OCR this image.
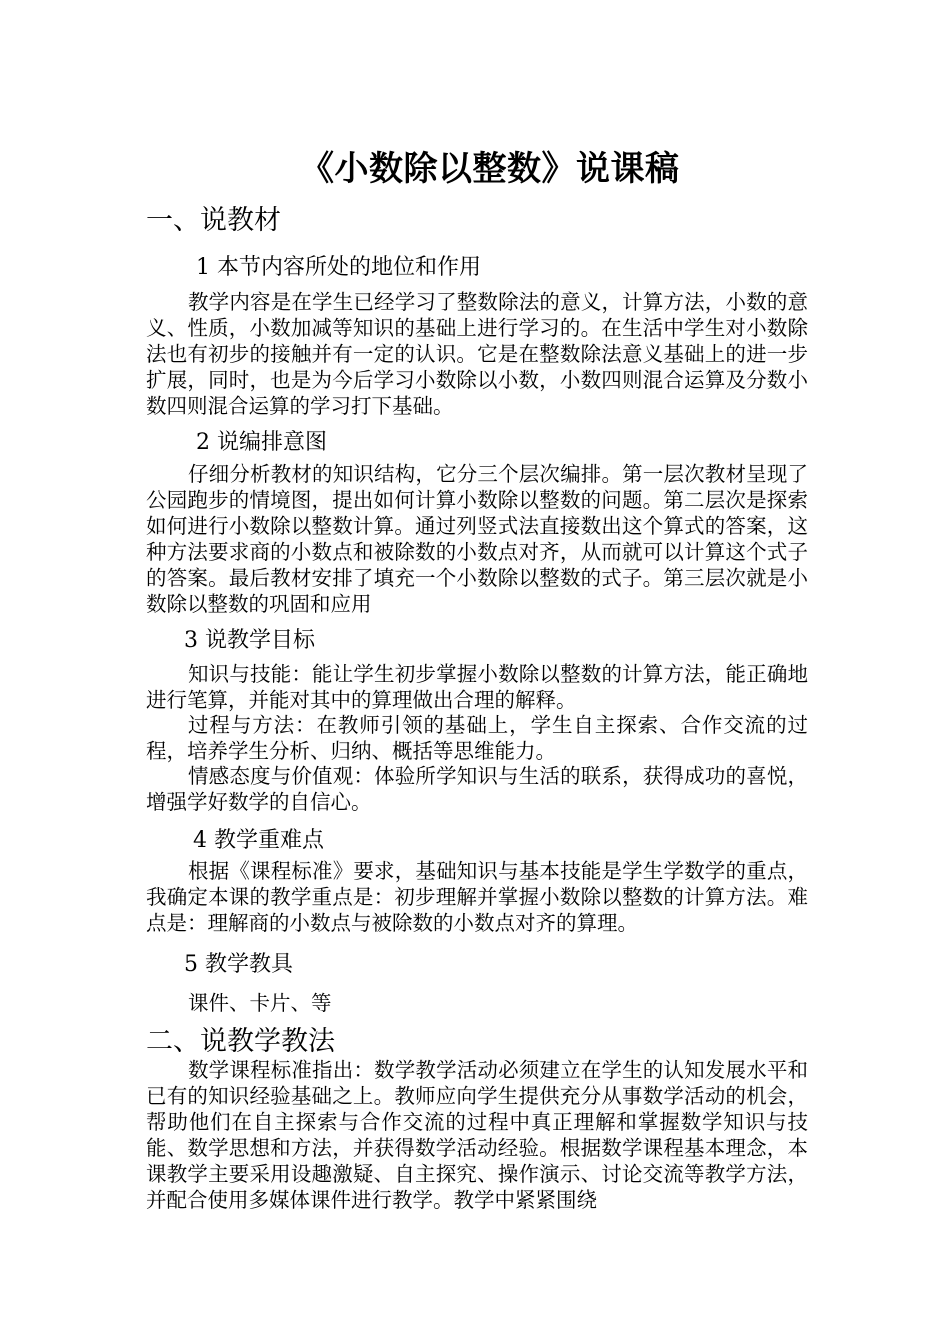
《小数除以整数》说课稿
一、说教材
1 本节内容所处的地位和作用
教学内容是在学生已经学习了整数除法的意义，计算方法，小数的意义、性质，小数加减等知识的基础上进行学习的。在生活中学生对小数除法也有初步的接触并有一定的认识。它是在整数除法意义基础上的进一步扩展，同时，也是为今后学习小数除以小数，小数四则混合运算及分数小数四则混合运算的学习打下基础。
2 说编排意图
仔细分析教材的知识结构，它分三个层次编排。第一层次教材呈现了公园跑步的情境图，提出如何计算小数除以整数的问题。第二层次是探索如何进行小数除以整数计算。通过列竖式法直接数出这个算式的答案，这种方法要求商的小数点和被除数的小数点对齐，从而就可以计算这个式子的答案。最后教材安排了填充一个小数除以整数的式子。第三层次就是小数除以整数的巩固和应用
3 说教学目标
知识与技能：能让学生初步掌握小数除以整数的计算方法，能正确地进行笔算，并能对其中的算理做出合理的解释。
过程与方法：在教师引领的基础上，学生自主探索、合作交流的过程，培养学生分析、归纳、概括等思维能力。
情感态度与价值观：体验所学知识与生活的联系，获得成功的喜悦，增强学好数学的自信心。
4 教学重难点
根据《课程标准》要求，基础知识与基本技能是学生学数学的重点，我确定本课的教学重点是：初步理解并掌握小数除以整数的计算方法。难点是：理解商的小数点与被除数的小数点对齐的算理。
5 教学教具
课件、卡片、等
二、说教学教法
数学课程标准指出：数学教学活动必须建立在学生的认知发展水平和已有的知识经验基础之上。教师应向学生提供充分从事数学活动的机会，帮助他们在自主探索与合作交流的过程中真正理解和掌握数学知识与技能、数学思想和方法，并获得数学活动经验。根据数学课程基本理念，本课教学主要采用设趣激疑、自主探究、操作演示、讨论交流等教学方法，并配合使用多媒体课件进行教学。教学中紧紧围绕
